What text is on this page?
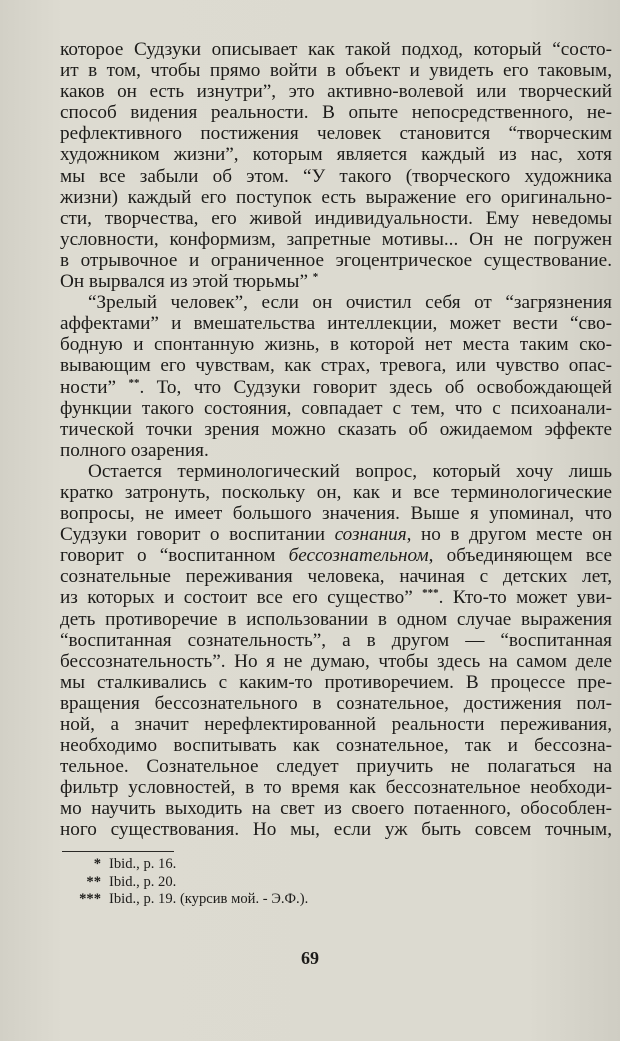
которое Судзуки описывает как такой подход, который “состо-
ит в том, чтобы прямо войти в объект и увидеть его таковым,
каков он есть изнутри”, это активно-волевой или творческий
способ видения реальности. В опыте непосредственного, не-
рефлективного постижения человек становится “творческим
художником жизни”, которым является каждый из нас, хотя
мы все забыли об этом. “У такого (творческого художника
жизни) каждый его поступок есть выражение его оригинально-
сти, творчества, его живой индивидуальности. Ему неведомы
условности, конформизм, запретные мотивы... Он не погружен
в отрывочное и ограниченное эгоцентрическое существование.
Он вырвался из этой тюрьмы” *
“Зрелый человек”, если он очистил себя от “загрязнения
аффектами” и вмешательства интеллекции, может вести “сво-
бодную и спонтанную жизнь, в которой нет места таким ско-
вывающим его чувствам, как страх, тревога, или чувство опас-
ности” **. То, что Судзуки говорит здесь об освобождающей
функции такого состояния, совпадает с тем, что с психоанали-
тической точки зрения можно сказать об ожидаемом эффекте
полного озарения.
Остается терминологический вопрос, который хочу лишь
кратко затронуть, поскольку он, как и все терминологические
вопросы, не имеет большого значения. Выше я упоминал, что
Судзуки говорит о воспитании сознания, но в другом месте он
говорит о “воспитанном бессознательном, объединяющем все
сознательные переживания человека, начиная с детских лет,
из которых и состоит все его существо” ***. Кто-то может уви-
деть противоречие в использовании в одном случае выражения
“воспитанная сознательность”, а в другом — “воспитанная
бессознательность”. Но я не думаю, чтобы здесь на самом деле
мы сталкивались с каким-то противоречием. В процессе пре-
вращения бессознательного в сознательное, достижения пол-
ной, а значит нерефлектированной реальности переживания,
необходимо воспитывать как сознательное, так и бессозна-
тельное. Сознательное следует приучить не полагаться на
фильтр условностей, в то время как бессознательное необходи-
мо научить выходить на свет из своего потаенного, обособлен-
ного существования. Но мы, если уж быть совсем точным,

* Ibid., p. 16.
** Ibid., p. 20.
*** Ibid., p. 19. (курсив мой. - Э.Ф.).
69
